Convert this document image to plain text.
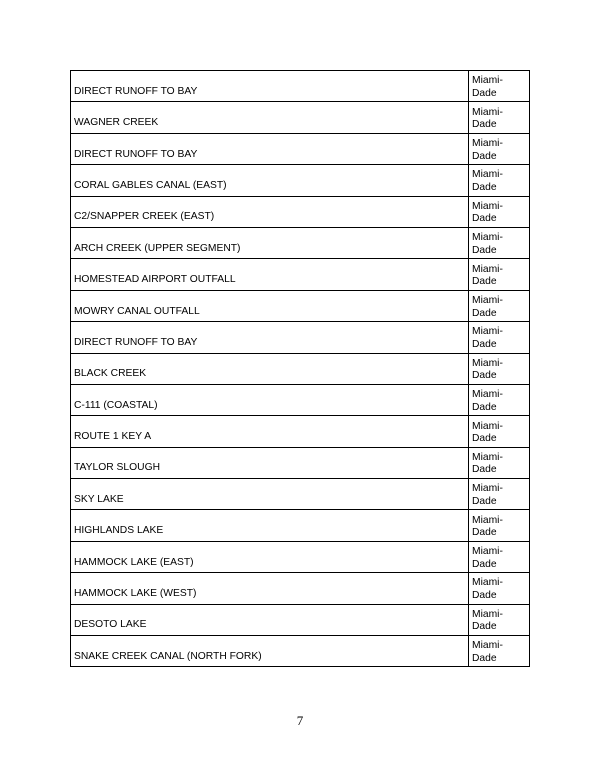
DIRECT RUNOFF TO BAY	Miami-Dade
WAGNER CREEK	Miami-Dade
DIRECT RUNOFF TO BAY	Miami-Dade
CORAL GABLES CANAL (EAST)	Miami-Dade
C2/SNAPPER CREEK (EAST)	Miami-Dade
ARCH CREEK (UPPER SEGMENT)	Miami-Dade
HOMESTEAD AIRPORT OUTFALL	Miami-Dade
MOWRY CANAL OUTFALL	Miami-Dade
DIRECT RUNOFF TO BAY	Miami-Dade
BLACK CREEK	Miami-Dade
C-111 (COASTAL)	Miami-Dade
ROUTE 1 KEY A	Miami-Dade
TAYLOR SLOUGH	Miami-Dade
SKY LAKE	Miami-Dade
HIGHLANDS LAKE	Miami-Dade
HAMMOCK LAKE (EAST)	Miami-Dade
HAMMOCK LAKE (WEST)	Miami-Dade
DESOTO LAKE	Miami-Dade
SNAKE CREEK CANAL (NORTH FORK)	Miami-Dade
7
